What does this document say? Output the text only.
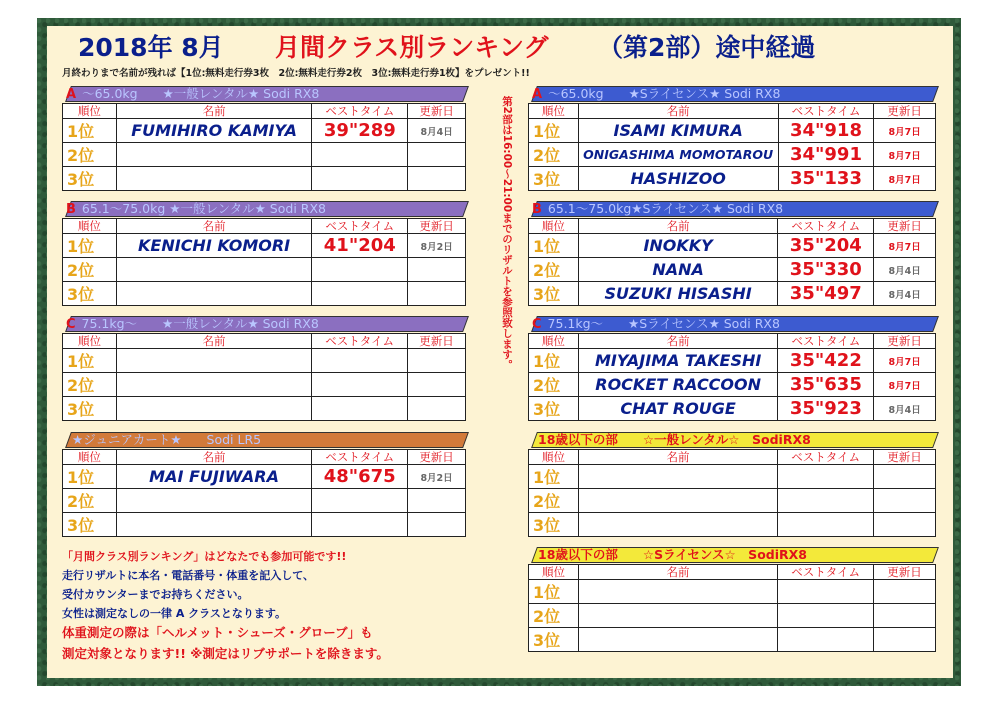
2018年 8月 月間クラス別ランキング （第2部）途中経過
月終わりまで名前が残れば【1位:無料走行券3枚　2位:無料走行券2枚　3位:無料走行券1枚】をプレゼント!!
第2部は16:00〜21:00までのリザルトを参照致します。
A 〜65.0kg　　★一般レンタル★ Sodi RX8
順位	名前	ベストタイム	更新日
1位	FUMIHIRO KAMIYA	39"289	8月4日
2位			
3位			
B 65.1〜75.0kg ★一般レンタル★ Sodi RX8
順位	名前	ベストタイム	更新日
1位	KENICHI KOMORI	41"204	8月2日
2位			
3位			
C 75.1kg〜　　★一般レンタル★ Sodi RX8
順位	名前	ベストタイム	更新日
1位			
2位			
3位			
★ジュニアカート★　　Sodi LR5
順位	名前	ベストタイム	更新日
1位	MAI FUJIWARA	48"675	8月2日
2位			
3位			
A 〜65.0kg　　★Sライセンス★ Sodi RX8
順位	名前	ベストタイム	更新日
1位	ISAMI KIMURA	34"918	8月7日
2位	ONIGASHIMA MOMOTAROU	34"991	8月7日
3位	HASHIZOO	35"133	8月7日
B 65.1〜75.0kg★Sライセンス★ Sodi RX8
順位	名前	ベストタイム	更新日
1位	INOKKY	35"204	8月7日
2位	NANA	35"330	8月4日
3位	SUZUKI HISASHI	35"497	8月4日
C 75.1kg〜　　★Sライセンス★ Sodi RX8
順位	名前	ベストタイム	更新日
1位	MIYAJIMA TAKESHI	35"422	8月7日
2位	ROCKET RACCOON	35"635	8月7日
3位	CHAT ROUGE	35"923	8月4日
18歳以下の部　　☆一般レンタル☆　SodiRX8
順位	名前	ベストタイム	更新日
1位			
2位			
3位			
18歳以下の部　　☆Sライセンス☆　SodiRX8
順位	名前	ベストタイム	更新日
1位			
2位			
3位			
「月間クラス別ランキング」はどなたでも参加可能です!!
走行リザルトに本名・電話番号・体重を記入して、
受付カウンターまでお持ちください。
女性は測定なしの一律 A クラスとなります。
体重測定の際は「ヘルメット・シューズ・グローブ」も
測定対象となります!! ※測定はリブサポートを除きます。
